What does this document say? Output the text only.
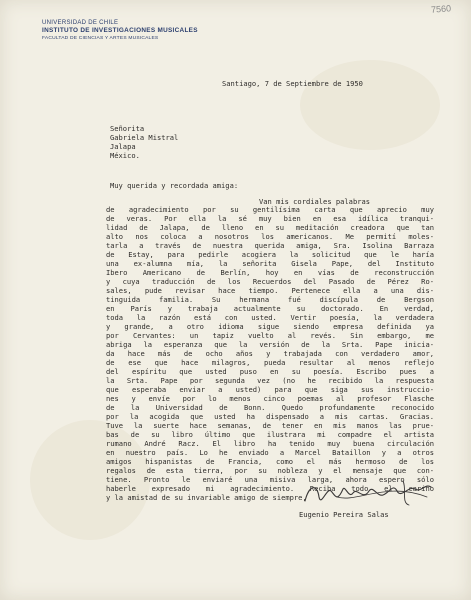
7560
UNIVERSIDAD DE CHILE
INSTITUTO DE INVESTIGACIONES MUSICALES
FACULTAD DE CIENCIAS Y ARTES MUSICALES
Santiago, 7 de Septiembre de 1950
Señorita
Gabriela Mistral
Jalapa
México.
Muy querida y recordada amiga:
Van mis cordiales palabras
de agradecimiento por su gentilísima carta que aprecio muy
de veras. Por ella la sé muy bien en esa idílica tranqui-
lidad de Jalapa, de lleno en su meditación creadora que tan
alto nos coloca a nosotros los americanos. Me permití moles-
tarla a través de nuestra querida amiga, Sra. Isolina Barraza
de Estay, para pedirle acogiera la solicitud que le haría
una ex-alumna mía, la señorita Gisela Pape, del Instituto
Ibero Americano de Berlín, hoy en vías de reconstrucción
y cuya traducción de los Recuerdos del Pasado de Pérez Ro-
sales, pude revisar hace tiempo. Pertenece ella a una dis-
tinguida familia. Su hermana fué discípula de Bergson
en París y trabaja actualmente su doctorado. En verdad,
toda la razón está con usted. Vertir poesía, la verdadera
y grande, a otro idioma sigue siendo empresa definida ya
por Cervantes: un tapiz vuelto al revés. Sin embargo, me
abriga la esperanza que la versión de la Srta. Pape inicia-
da hace más de ocho años y trabajada con verdadero amor,
de ese que hace milagros, pueda resultar al menos reflejo
del espíritu que usted puso en su poesía. Escribo pues a
la Srta. Pape por segunda vez (no he recibido la respuesta
que esperaba enviar a usted) para que siga sus instruccio-
nes y envíe por lo menos cinco poemas al profesor Flasche
de la Universidad de Bonn. Quedo profundamente reconocido
por la acogida que usted ha dispensado a mis cartas. Gracias.
Tuve la suerte hace semanas, de tener en mis manos las prue-
bas de su libro último que ilustrara mi compadre el artista
rumano André Racz. El libro ha tenido muy buena circulación
en nuestro país. Lo he enviado a Marcel Bataillon y a otros
amigos hispanistas de Francia, como el más hermoso de los
regalos de esta tierra, por su nobleza y el mensaje que con-
tiene. Pronto le enviaré una misiva larga, ahora espero sólo
haberle expresado mi agradecimiento. Reciba todo el cariño
y la amistad de su invariable amigo de siempre,
Eugenio Pereira Salas
